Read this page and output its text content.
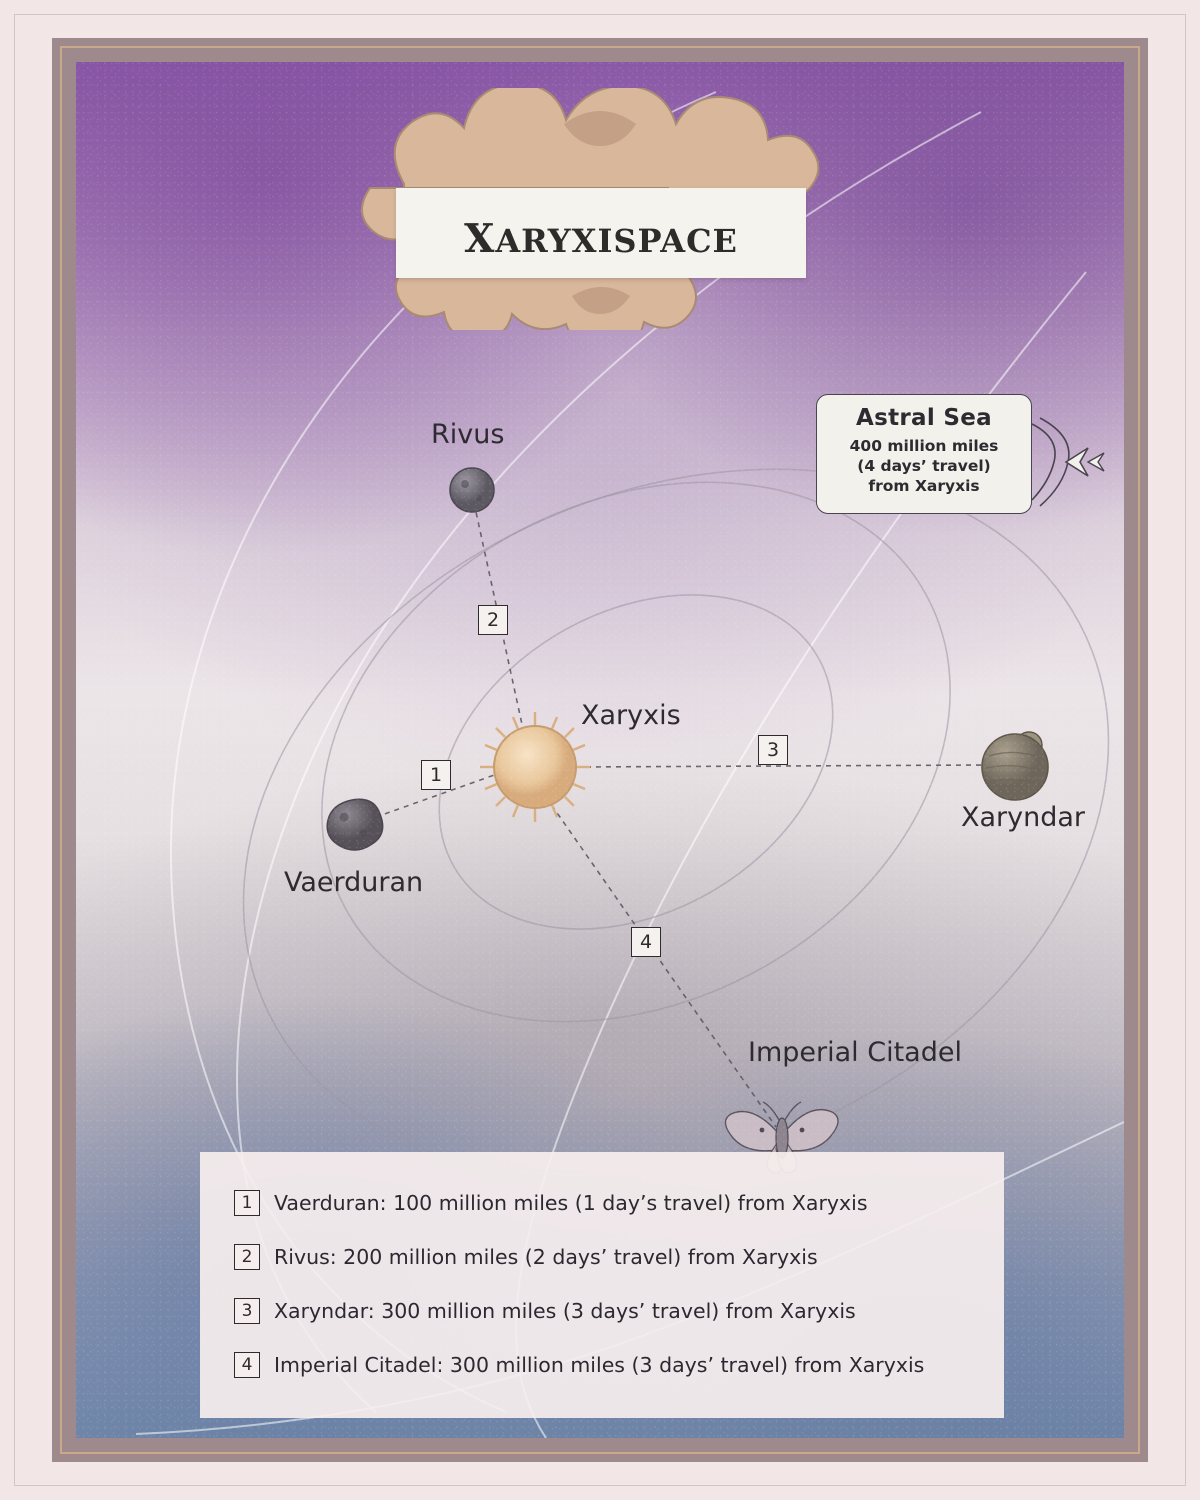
xaryxispace
Rivus
Xaryxis
Xaryndar
Vaerduran
Imperial Citadel
1
2
3
4
Astral Sea
400 million miles
(4 days’ travel)
from Xaryxis
1	Vaerduran: 100 million miles (1 day’s travel) from Xaryxis
2	Rivus: 200 million miles (2 days’ travel) from Xaryxis
3	Xaryndar: 300 million miles (3 days’ travel) from Xaryxis
4	Imperial Citadel: 300 million miles (3 days’ travel) from Xaryxis
